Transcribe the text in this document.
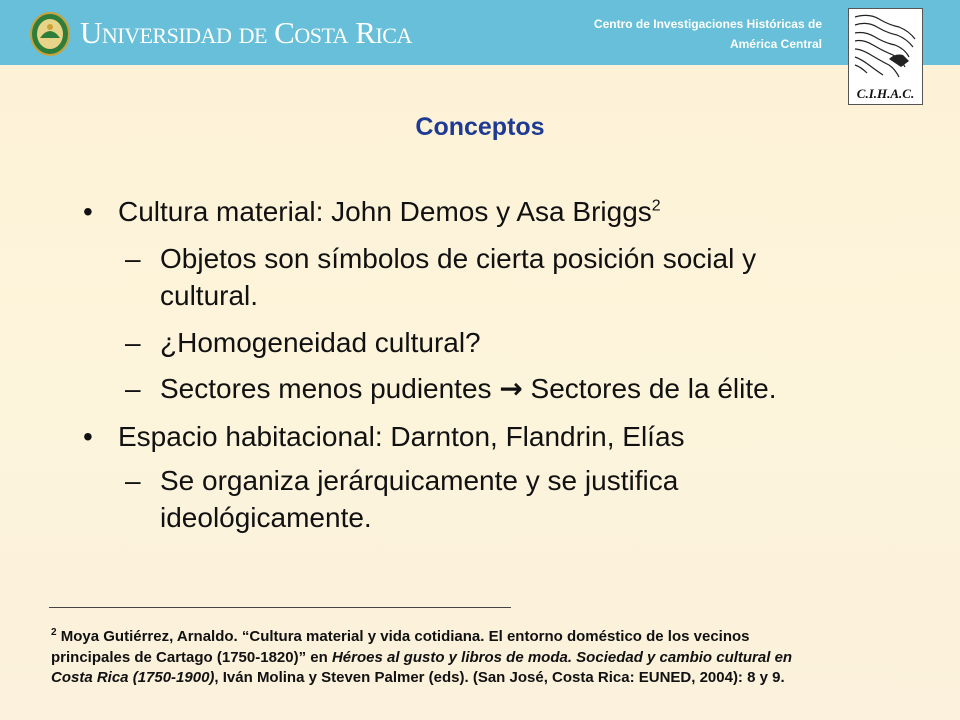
Universidad de Costa Rica	Centro de Investigaciones Históricas de
América Central
C.I.H.A.C.
Conceptos
• Cultura material: John Demos y Asa Briggs$^2$
– Objetos son símbolos de cierta posición social y
cultural.
– ¿Homogeneidad cultural?
– Sectores menos pudientes → Sectores de la élite.
• Espacio habitacional: Darnton, Flandrin, Elías
– Se organiza jerárquicamente y se justifica
ideológicamente.
$^2$ Moya Gutiérrez, Arnaldo. “Cultura material y vida cotidiana. El entorno doméstico de los vecinos principales de Cartago (1750-1820)” en Héroes al gusto y libros de moda. Sociedad y cambio cultural en Costa Rica (1750-1900), Iván Molina y Steven Palmer (eds). (San José, Costa Rica: EUNED, 2004): 8 y 9.
